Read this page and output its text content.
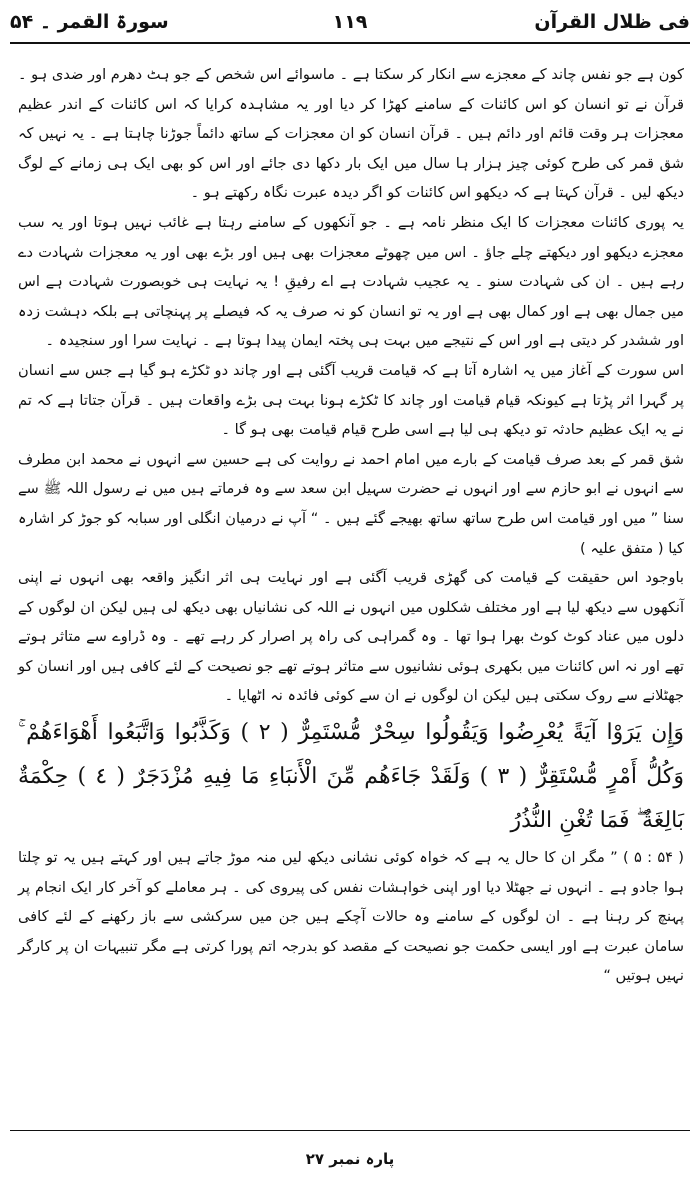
فی ظلال القرآن
۱۱۹
سورۃ القمر ۔ ۵۴

کون ہے جو نفس چاند کے معجزے سے انکار کر سکتا ہے ۔ ماسوائے اس شخص کے جو ہٹ دھرم اور ضدی ہو ۔

قرآن نے تو انسان کو اس کائنات کے سامنے کھڑا کر دیا اور یہ مشاہدہ کرایا کہ اس کائنات کے اندر عظیم معجزات ہر وقت قائم اور دائم ہیں ۔ قرآن انسان کو ان معجزات کے ساتھ دائماً جوڑنا چاہتا ہے ۔ یہ نہیں کہ شق قمر کی طرح کوئی چیز ہزار ہا سال میں ایک بار دکھا دی جائے اور اس کو بھی ایک ہی زمانے کے لوگ دیکھ لیں ۔ قرآن کہتا ہے کہ دیکھو اس کائنات کو اگر دیدہ عبرت نگاہ رکھتے ہو ۔

یہ پوری کائنات معجزات کا ایک منظر نامہ ہے ۔ جو آنکھوں کے سامنے رہتا ہے غائب نہیں ہوتا اور یہ سب معجزے دیکھو اور دیکھتے چلے جاؤ ۔ اس میں چھوٹے معجزات بھی ہیں اور بڑے بھی اور یہ معجزات شہادت دے رہے ہیں ۔ ان کی شہادت سنو ۔ یہ عجیب شہادت ہے اے رفیقِ ! یہ نہایت ہی خوبصورت شہادت ہے اس میں جمال بھی ہے اور کمال بھی ہے اور یہ تو انسان کو نہ صرف یہ کہ فیصلے پر پہنچاتی ہے بلکہ دہشت زدہ اور ششدر کر دیتی ہے اور اس کے نتیجے میں بہت ہی پختہ ایمان پیدا ہوتا ہے ۔ نہایت سرا اور سنجیدہ ۔

اس سورت کے آغاز میں یہ اشارہ آتا ہے کہ قیامت قریب آگئی ہے اور چاند دو ٹکڑے ہو گیا ہے جس سے انسان پر گہرا اثر پڑتا ہے کیونکہ قیام قیامت اور چاند کا ٹکڑے ہونا بہت ہی بڑے واقعات ہیں ۔ قرآن جتاتا ہے کہ تم نے یہ ایک عظیم حادثہ تو دیکھ ہی لیا ہے اسی طرح قیام قیامت بھی ہو گا ۔

شق قمر کے بعد صرف قیامت کے بارے میں امام احمد نے روایت کی ہے حسین سے انہوں نے محمد ابن مطرف سے انہوں نے ابو حازم سے اور انہوں نے حضرت سہیل ابن سعد سے وہ فرماتے ہیں میں نے رسول اللہ ﷺ سے سنا ” میں اور قیامت اس طرح ساتھ ساتھ بھیجے گئے ہیں ۔ “ آپ نے درمیان انگلی اور سبابہ کو جوڑ کر اشارہ کیا ( متفق علیہ )

باوجود اس حقیقت کے قیامت کی گھڑی قریب آگئی ہے اور نہایت ہی اثر انگیز واقعہ بھی انہوں نے اپنی آنکھوں سے دیکھ لیا ہے اور مختلف شکلوں میں انہوں نے اللہ کی نشانیاں بھی دیکھ لی ہیں لیکن ان لوگوں کے دلوں میں عناد کوٹ کوٹ بھرا ہوا تھا ۔ وہ گمراہی کی راہ پر اصرار کر رہے تھے ۔ وہ ڈراوے سے متاثر ہوتے تھے اور نہ اس کائنات میں بکھری ہوئی نشانیوں سے متاثر ہوتے تھے جو نصیحت کے لئے کافی ہیں اور انسان کو جھٹلانے سے روک سکتی ہیں لیکن ان لوگوں نے ان سے کوئی فائدہ نہ اٹھایا ۔

وَإِن يَرَوْا آيَةً يُعْرِضُوا وَيَقُولُوا سِحْرٌ مُّسْتَمِرٌّ ( ٢ ) وَكَذَّبُوا وَاتَّبَعُوا أَهْوَاءَهُمْ ۚ وَكُلُّ أَمْرٍ مُّسْتَقِرٌّ ( ٣ ) وَلَقَدْ جَاءَهُم مِّنَ الْأَنبَاءِ مَا فِيهِ مُزْدَجَرٌ ( ٤ ) حِكْمَةٌ بَالِغَةٌ ۖ فَمَا تُغْنِ النُّذُرُ

( ۵۴ : ۵ ) ” مگر ان کا حال یہ ہے کہ خواہ کوئی نشانی دیکھ لیں منہ موڑ جاتے ہیں اور کہتے ہیں یہ تو چلتا ہوا جادو ہے ۔ انہوں نے جھٹلا دیا اور اپنی خواہشات نفس کی پیروی کی ۔ ہر معاملے کو آخر کار ایک انجام پر پہنچ کر رہنا ہے ۔ ان لوگوں کے سامنے وہ حالات آچکے ہیں جن میں سرکشی سے باز رکھنے کے لئے کافی سامان عبرت ہے اور ایسی حکمت جو نصیحت کے مقصد کو بدرجہ اتم پورا کرتی ہے مگر تنبیہات ان پر کارگر نہیں ہوتیں “

پارہ نمبر ۲۷
